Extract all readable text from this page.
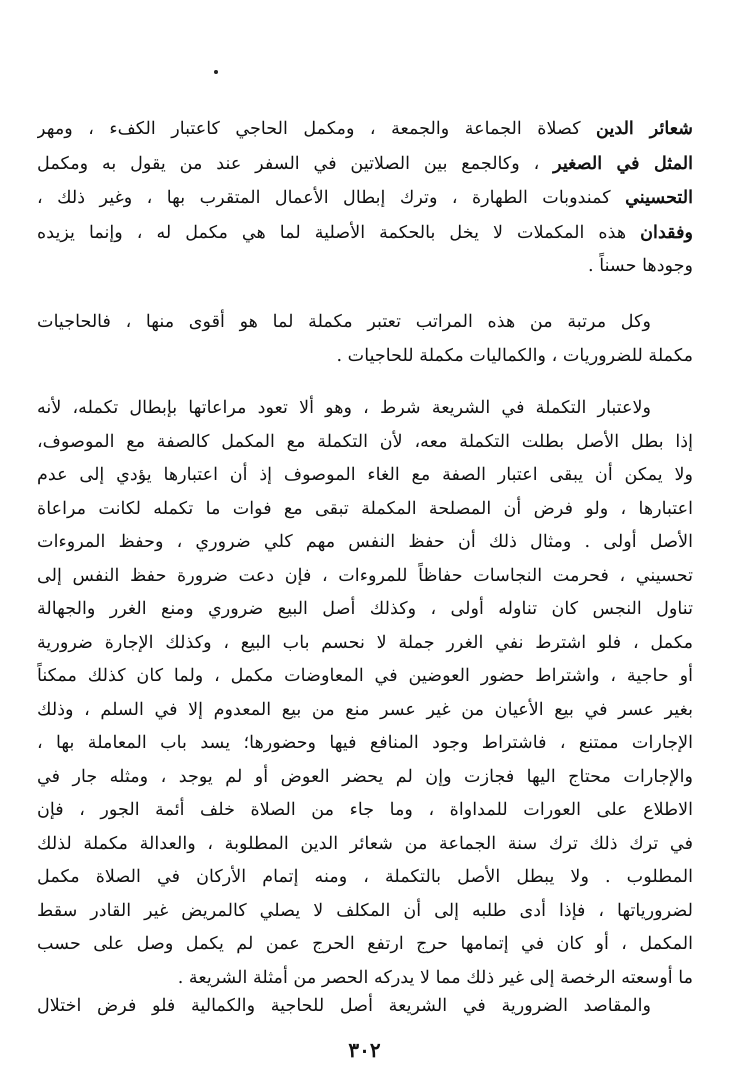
شعائر الدين كصلاة الجماعة والجمعة ، ومكمل الحاجي كاعتبار الكفء ، ومهر
المثل في الصغير ، وكالجمع بين الصلاتين في السفر عند من يقول به ومكمل
التحسيني كمندوبات الطهارة ، وترك إبطال الأعمال المتقرب بها ، وغير ذلك ،
وفقدان هذه المكملات لا يخل بالحكمة الأصلية لما هي مكمل له ، وإنما يزيده
وجودها حسناً .
وكل مرتبة من هذه المراتب تعتبر مكملة لما هو أقوى منها ، فالحاجيات
مكملة للضروريات ، والكماليات مكملة للحاجيات .
ولاعتبار التكملة في الشريعة شرط ، وهو ألا تعود مراعاتها بإبطال تكمله، لأنه
إذا بطل الأصل بطلت التكملة معه، لأن التكملة مع المكمل كالصفة مع الموصوف،
ولا يمكن أن يبقى اعتبار الصفة مع الغاء الموصوف إذ أن اعتبارها يؤدي إلى عدم
اعتبارها ، ولو فرض أن المصلحة المكملة تبقى مع فوات ما تكمله لكانت مراعاة
الأصل أولى . ومثال ذلك أن حفظ النفس مهم كلي ضروري ، وحفظ المروءات
تحسيني ، فحرمت النجاسات حفاظاً للمروءات ، فإن دعت ضرورة حفظ النفس إلى
تناول النجس كان تناوله أولى ، وكذلك أصل البيع ضروري ومنع الغرر والجهالة
مكمل ، فلو اشترط نفي الغرر جملة لا نحسم باب البيع ، وكذلك الإجارة ضرورية
أو حاجية ، واشتراط حضور العوضين في المعاوضات مكمل ، ولما كان كذلك ممكناً
بغير عسر في بيع الأعيان من غير عسر منع من بيع المعدوم إلا في السلم ، وذلك
الإجارات ممتنع ، فاشتراط وجود المنافع فيها وحضورها؛ يسد باب المعاملة بها ،
والإجارات محتاج اليها فجازت وإن لم يحضر العوض أو لم يوجد ، ومثله جار في
الاطلاع على العورات للمداواة ، وما جاء من الصلاة خلف أئمة الجور ، فإن
في ترك ذلك ترك سنة الجماعة من شعائر الدين المطلوبة ، والعدالة مكملة لذلك
المطلوب . ولا يبطل الأصل بالتكملة ، ومنه إتمام الأركان في الصلاة مكمل
لضرورياتها ، فإذا أدى طلبه إلى أن المكلف لا يصلي كالمريض غير القادر سقط
المكمل ، أو كان في إتمامها حرج ارتفع الحرج عمن لم يكمل وصل على حسب
ما أوسعته الرخصة إلى غير ذلك مما لا يدركه الحصر من أمثلة الشريعة .
والمقاصد الضرورية في الشريعة أصل للحاجية والكمالية فلو فرض اختلال
٣٠٢
